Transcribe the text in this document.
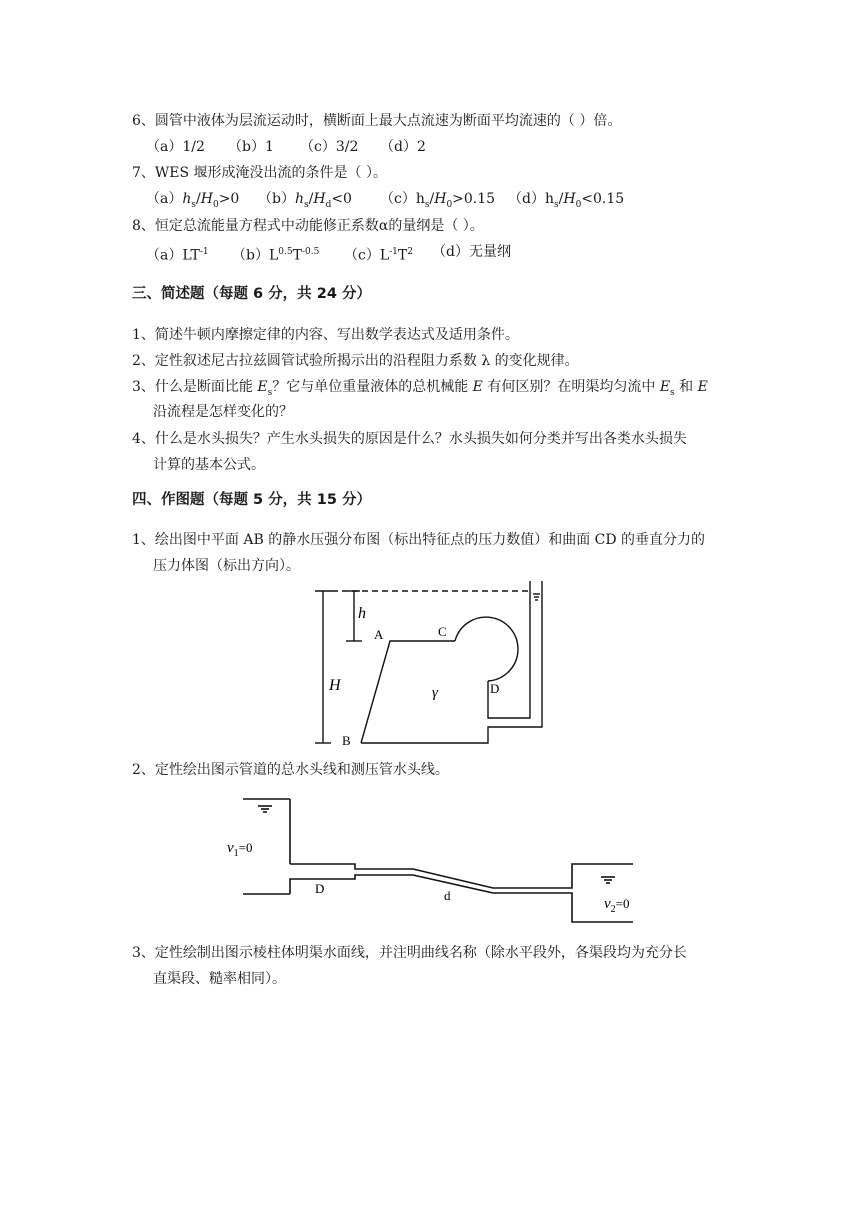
6、圆管中液体为层流运动时，横断面上最大点流速为断面平均流速的（ ）倍。
（a）1/2 （b）1 （c）3/2 （d）2
7、WES 堰形成淹没出流的条件是（ ）。
$(a)h_s/H_0>0$ $(b)h_s/H_d<0$ $(c)h_s/H_0>0.15$ $(d)h_s/H_0<0.15$
8、恒定总流能量方程式中动能修正系数α的量纲是（ ）。
$(a)LT^{-1}$ $(b)L^{0.5}T^{-0.5}$ $(c)L^{-1}T^2$ （d）无量纲
三、简述题（每题 6 分，共 24 分）
1、简述牛顿内摩擦定律的内容、写出数学表达式及适用条件。
2、定性叙述尼古拉兹圆管试验所揭示出的沿程阻力系数 λ 的变化规律。
3、什么是断面比能 $E_s$？它与单位重量液体的总机械能 E 有何区别？在明渠均匀流中 $E_s$ 和 E
沿流程是怎样变化的？
4、什么是水头损失？产生水头损失的原因是什么？水头损失如何分类并写出各类水头损失
计算的基本公式。
四、作图题（每题 5 分，共 15 分）
1、绘出图中平面 AB 的静水压强分布图（标出特征点的压力数值）和曲面 CD 的垂直分力的
压力体图（标出方向）。
h
H
A
B
C
D
γ
2、定性绘出图示管道的总水头线和测压管水头线。
$v_1=0$
D	d
$v_2=0$
3、定性绘制出图示棱柱体明渠水面线，并注明曲线名称（除水平段外，各渠段均为充分长
直渠段、糙率相同）。
